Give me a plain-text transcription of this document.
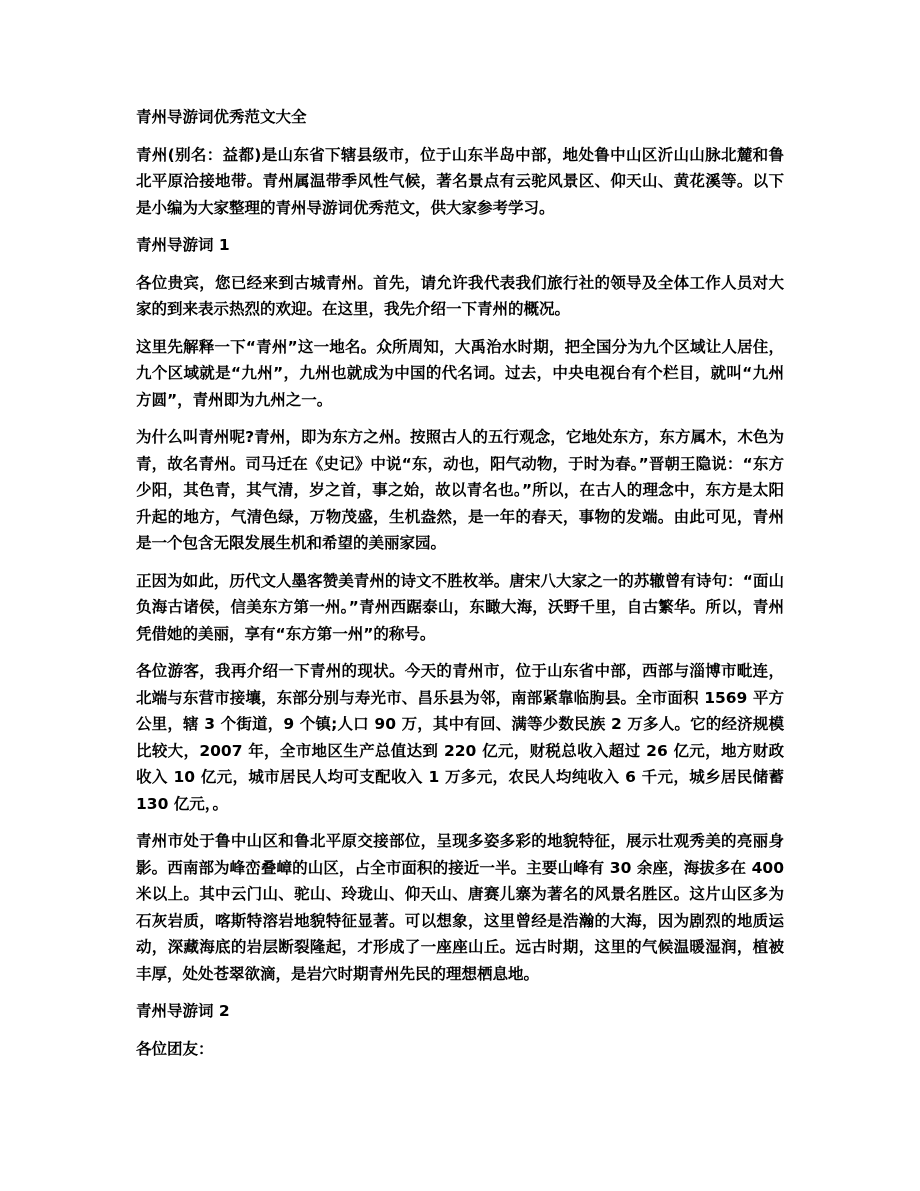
青州导游词优秀范文大全
青州(别名：益都)是山东省下辖县级市，位于山东半岛中部，地处鲁中山区沂山山脉北麓和鲁北平原洽接地带。青州属温带季风性气候，著名景点有云驼风景区、仰天山、黄花溪等。以下是小编为大家整理的青州导游词优秀范文，供大家参考学习。
青州导游词 1
各位贵宾，您已经来到古城青州。首先，请允许我代表我们旅行社的领导及全体工作人员对大家的到来表示热烈的欢迎。在这里，我先介绍一下青州的概况。
这里先解释一下“青州”这一地名。众所周知，大禹治水时期，把全国分为九个区域让人居住，九个区域就是“九州”，九州也就成为中国的代名词。过去，中央电视台有个栏目，就叫“九州方圆”，青州即为九州之一。
为什么叫青州呢?青州，即为东方之州。按照古人的五行观念，它地处东方，东方属木，木色为青，故名青州。司马迁在《史记》中说“东，动也，阳气动物，于时为春。”晋朝王隐说：“东方少阳，其色青，其气清，岁之首，事之始，故以青名也。”所以，在古人的理念中，东方是太阳升起的地方，气清色绿，万物茂盛，生机盎然，是一年的春天，事物的发端。由此可见，青州是一个包含无限发展生机和希望的美丽家园。
正因为如此，历代文人墨客赞美青州的诗文不胜枚举。唐宋八大家之一的苏辙曾有诗句：“面山负海古诸侯，信美东方第一州。”青州西踞泰山，东瞰大海，沃野千里，自古繁华。所以，青州凭借她的美丽，享有“东方第一州”的称号。
各位游客，我再介绍一下青州的现状。今天的青州市，位于山东省中部，西部与淄博市毗连，北端与东营市接壤，东部分别与寿光市、昌乐县为邻，南部紧靠临朐县。全市面积 1569 平方公里，辖 3 个街道，9 个镇;人口 90 万，其中有回、满等少数民族 2 万多人。它的经济规模比较大，2007 年，全市地区生产总值达到 220 亿元，财税总收入超过 26 亿元，地方财政收入 10 亿元，城市居民人均可支配收入 1 万多元，农民人均纯收入 6 千元，城乡居民储蓄 130 亿元，。
青州市处于鲁中山区和鲁北平原交接部位，呈现多姿多彩的地貌特征，展示壮观秀美的亮丽身影。西南部为峰峦叠嶂的山区，占全市面积的接近一半。主要山峰有 30 余座，海拔多在 400 米以上。其中云门山、驼山、玲珑山、仰天山、唐赛儿寨为著名的风景名胜区。这片山区多为石灰岩质，喀斯特溶岩地貌特征显著。可以想象，这里曾经是浩瀚的大海，因为剧烈的地质运动，深藏海底的岩层断裂隆起，才形成了一座座山丘。远古时期，这里的气候温暖湿润，植被丰厚，处处苍翠欲滴，是岩穴时期青州先民的理想栖息地。
青州导游词 2
各位团友：
